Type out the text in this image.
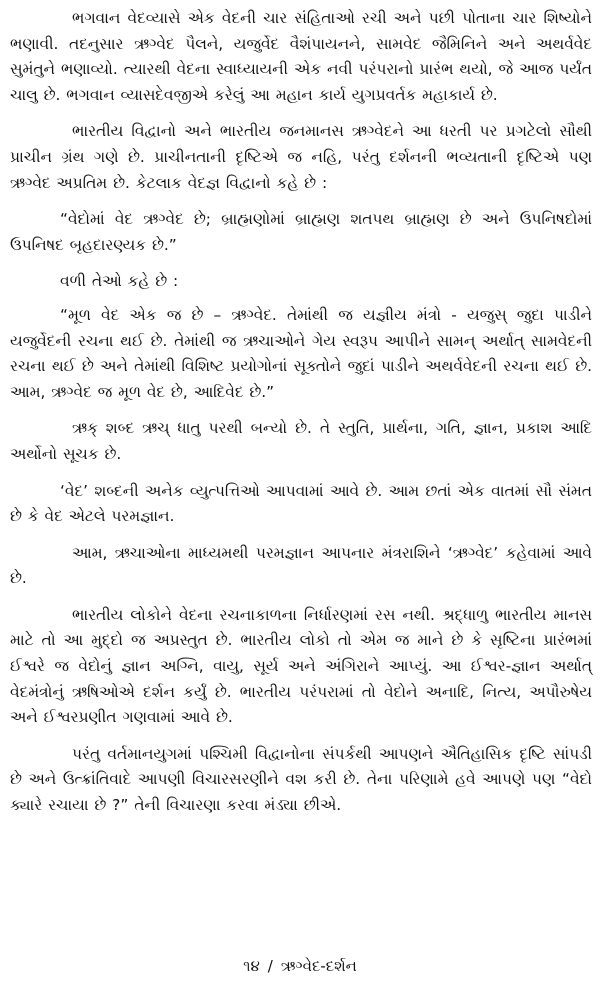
ભગવાન વેદવ્યાસે એક વેદની ચાર સંહિતાઓ રચી અને પછી પોતાના ચાર શિષ્યોને ભણાવી. તદનુસાર ઋગ્વેદ પૈલને, યજુર્વેદ વૈશંપાયનને, સામવેદ જૈમિનિને અને અથર્વવેદ સુમંતુને ભણાવ્યો. ત્યારથી વેદના સ્વાધ્યાયની એક નવી પરંપરાનો પ્રારંભ થયો, જે આજ પર્યંત ચાલુ છે. ભગવાન વ્યાસદેવજીએ કરેલું આ મહાન કાર્ય યુગપ્રવર્તક મહાકાર્ય છે.

ભારતીય વિદ્વાનો અને ભારતીય જનમાનસ ઋગ્વેદને આ ધરતી પર પ્રગટેલો સૌથી પ્રાચીન ગ્રંથ ગણે છે. પ્રાચીનતાની દૃષ્ટિએ જ નહિ, પરંતુ દર્શનની ભવ્યતાની દૃષ્ટિએ પણ ઋગ્વેદ અપ્રતિમ છે. કેટલાક વેદજ્ઞ વિદ્વાનો કહે છે :

“વેદોમાં વેદ ઋગ્વેદ છે; બ્રાહ્મણોમાં બ્રાહ્મણ શતપથ બ્રાહ્મણ છે અને ઉપનિષદોમાં ઉપનિષદ બૃહદારણ્યક છે.”

વળી તેઓ કહે છે :

“મૂળ વેદ એક જ છે – ઋગ્વેદ. તેમાંથી જ યજ્ઞીય મંત્રો - યજુસ્ જુદા પાડીને યજુર્વેદની રચના થઈ છે. તેમાંથી જ ઋચાઓને ગેય સ્વરૂપ આપીને સામન્ અર્થાત્ સામવેદની રચના થઈ છે અને તેમાંથી વિશિષ્ટ પ્રયોગોનાં સૂક્તોને જુદાં પાડીને અથર્વવેદની રચના થઈ છે. આમ, ઋગ્વેદ જ મૂળ વેદ છે, આદિવેદ છે.”

ઋક્ શબ્દ ઋચ્ ધાતુ પરથી બન્યો છે. તે સ્તુતિ, પ્રાર્થના, ગતિ, જ્ઞાન, પ્રકાશ આદિ અર્થોનો સૂચક છે.

‘વેદ’ શબ્દની અનેક વ્યુત્પત્તિઓ આપવામાં આવે છે. આમ છતાં એક વાતમાં સૌ સંમત છે કે વેદ એટલે પરમજ્ઞાન.

આમ, ઋચાઓના માધ્યમથી પરમજ્ઞાન આપનાર મંત્રરાશિને ‘ઋગ્વેદ’ કહેવામાં આવે છે.

ભારતીય લોકોને વેદના રચનાકાળના નિર્ધારણમાં રસ નથી. શ્રદ્ધાળુ ભારતીય માનસ માટે તો આ મુદ્દો જ અપ્રસ્તુત છે. ભારતીય લોકો તો એમ જ માને છે કે સૃષ્ટિના પ્રારંભમાં ઈશ્વરે જ વેદોનું જ્ઞાન અગ્નિ, વાયુ, સૂર્ય અને અંગિરાને આપ્યું. આ ઈશ્વર-જ્ઞાન અર્થાત્ વેદમંત્રોનું ઋષિઓએ દર્શન કર્યું છે. ભારતીય પરંપરામાં તો વેદોને અનાદિ, નિત્ય, અપૌરુષેય અને ઈશ્વરપ્રણીત ગણવામાં આવે છે.

પરંતુ વર્તમાનયુગમાં પશ્ચિમી વિદ્વાનોના સંપર્કથી આપણને ઐતિહાસિક દૃષ્ટિ સાંપડી છે અને ઉત્ક્રાંતિવાદે આપણી વિચારસરણીને વશ કરી છે. તેના પરિણામે હવે આપણે પણ “વેદો ક્યારે રચાયા છે ?” તેની વિચારણા કરવા મંડ્યા છીએ.

૧૪ / ઋગ્વેદ-દર્શન
